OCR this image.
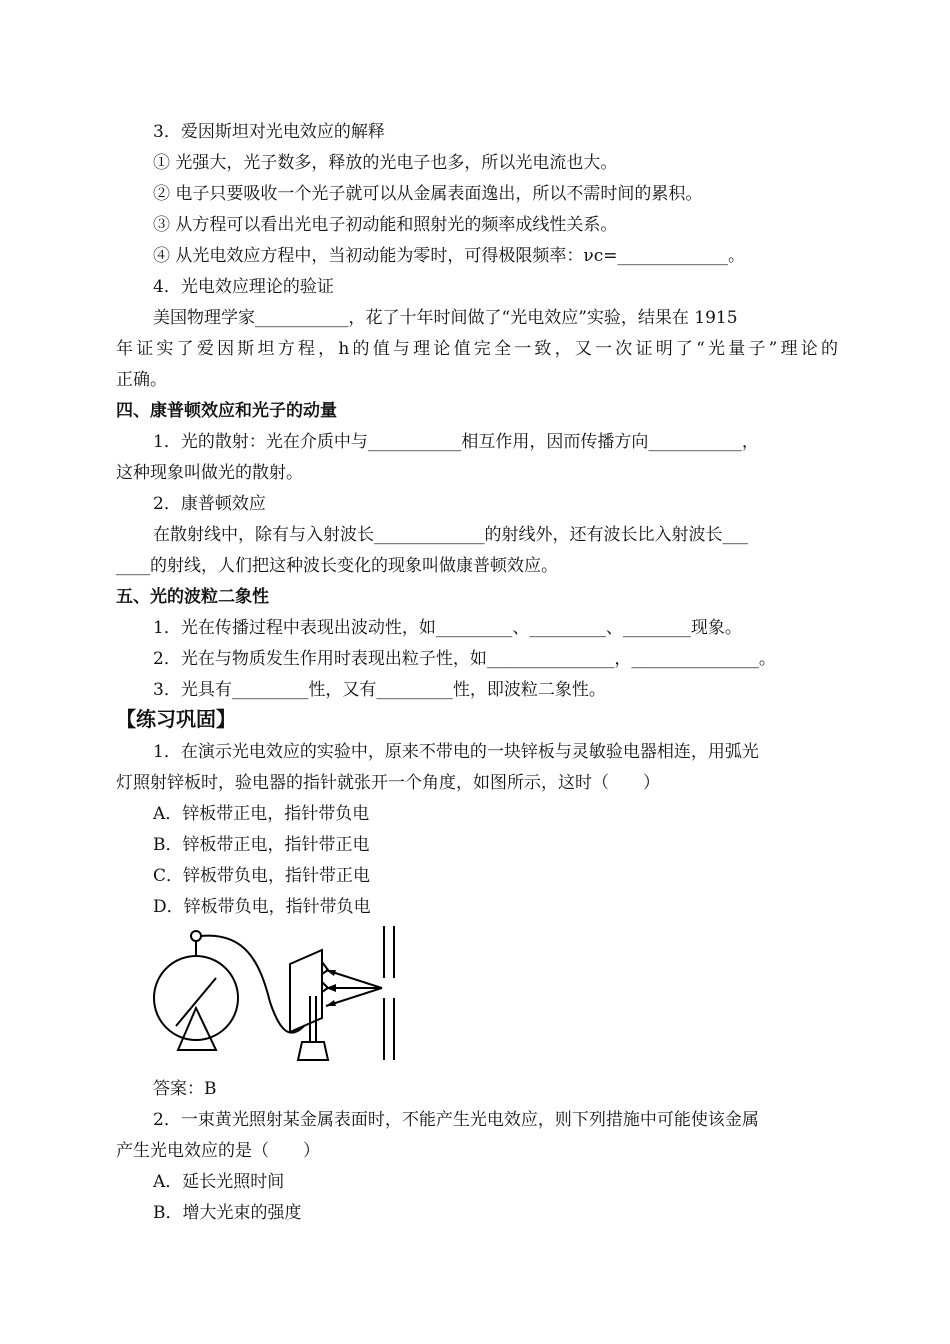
3．爱因斯坦对光电效应的解释
① 光强大，光子数多，释放的光电子也多，所以光电流也大。
② 电子只要吸收一个光子就可以从金属表面逸出，所以不需时间的累积。
③ 从方程可以看出光电子初动能和照射光的频率成线性关系。
④ 从光电效应方程中，当初动能为零时，可得极限频率：νc=_____________。
4．光电效应理论的验证
美国物理学家___________，花了十年时间做了“光电效应”实验，结果在 1915
年证实了爱因斯坦方程，h的值与理论值完全一致，又一次证明了“光量子”理论的
正确。
四、康普顿效应和光子的动量
1．光的散射：光在介质中与___________相互作用，因而传播方向___________，
这种现象叫做光的散射。
2．康普顿效应
在散射线中，除有与入射波长_____________的射线外，还有波长比入射波长___
____的射线，人们把这种波长变化的现象叫做康普顿效应。
五、光的波粒二象性
1．光在传播过程中表现出波动性，如_________、_________、________现象。
2．光在与物质发生作用时表现出粒子性，如_______________，_______________。
3．光具有_________性，又有_________性，即波粒二象性。
【练习巩固】
1．在演示光电效应的实验中，原来不带电的一块锌板与灵敏验电器相连，用弧光
灯照射锌板时，验电器的指针就张开一个角度，如图所示，这时（　　）
A．锌板带正电，指针带负电
B．锌板带正电，指针带正电
C．锌板带负电，指针带正电
D．锌板带负电，指针带负电
答案：B
2．一束黄光照射某金属表面时，不能产生光电效应，则下列措施中可能使该金属
产生光电效应的是（　　）
A．延长光照时间
B．增大光束的强度
